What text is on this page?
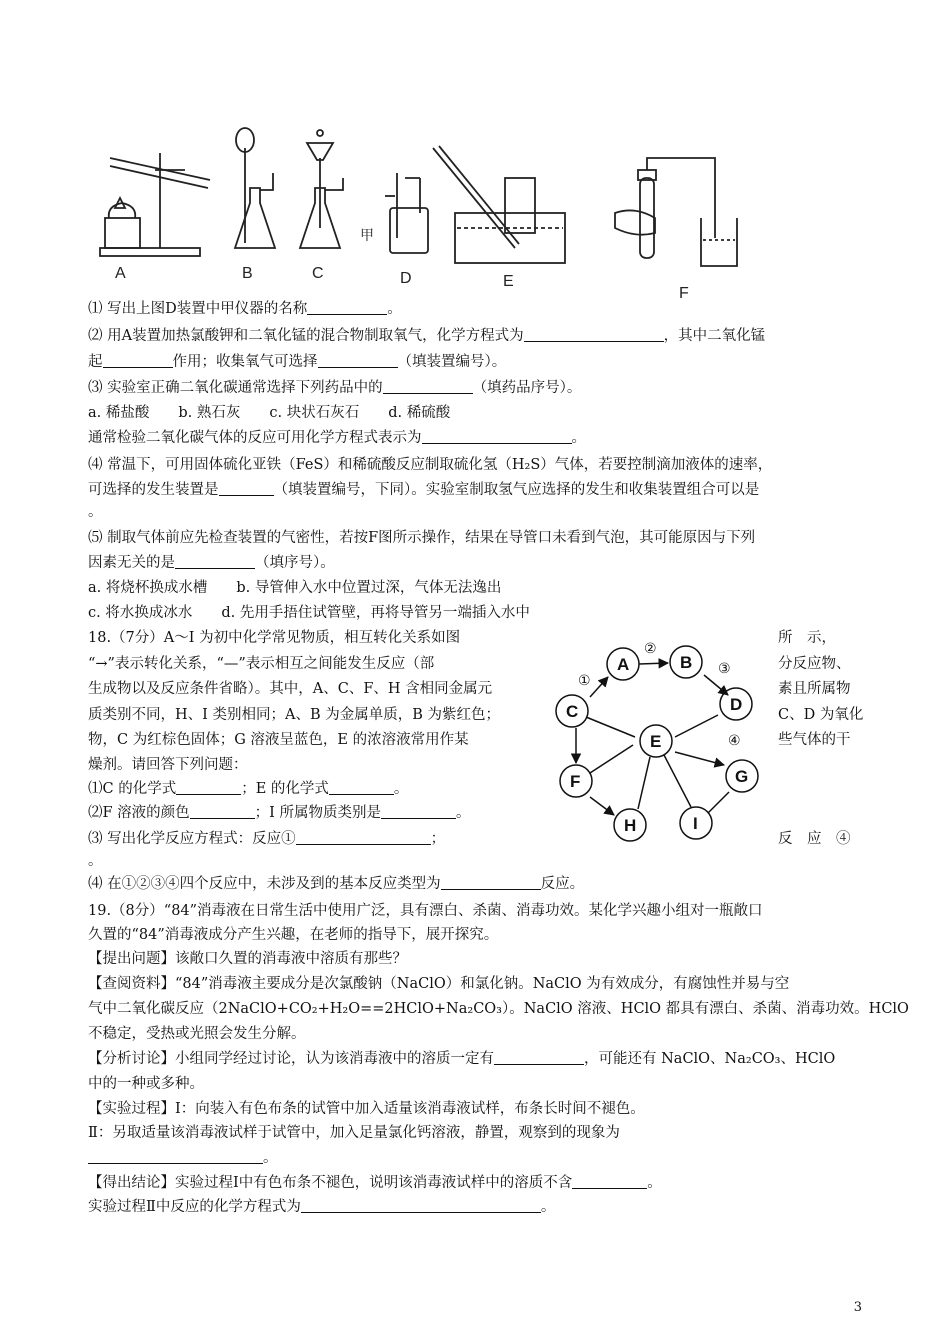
A	B	C
甲
D	E
F
⑴ 写出上图D装置中甲仪器的名称	。
⑵ 用A装置加热氯酸钾和二氧化锰的混合物制取氧气，化学方程式为	，其中二氧化锰
起	作用；收集氧气可选择	（填装置编号）。
⑶ 实验室正确二氧化碳通常选择下列药品中的	（填药品序号）。
a. 稀盐酸　　b. 熟石灰　　c. 块状石灰石　　d. 稀硫酸
通常检验二氧化碳气体的反应可用化学方程式表示为	。
⑷ 常温下，可用固体硫化亚铁（FeS）和稀硫酸反应制取硫化氢（H₂S）气体，若要控制滴加液体的速率，
可选择的发生装置是	（填装置编号，下同）。实验室制取氢气应选择的发生和收集装置组合可以是
。
⑸ 制取气体前应先检查装置的气密性，若按F图所示操作，结果在导管口未看到气泡，其可能原因与下列
因素无关的是	（填序号）。
a. 将烧杯换成水槽　　b. 导管伸入水中位置过深，气体无法逸出
c. 将水换成冰水　　d. 先用手捂住试管壁，再将导管另一端插入水中
18.（7分）A～I 为初中化学常见物质，相互转化关系如图	所　示，
“→”表示转化关系，“—”表示相互之间能发生反应（部	分反应物、
生成物以及反应条件省略）。其中，A、C、F、H 含相同金属元	素且所属物
质类别不同，H、I 类别相同；A、B 为金属单质，B 为紫红色；	C、D 为氧化
物，C 为红棕色固体；G 溶液呈蓝色，E 的浓溶液常用作某	些气体的干
燥剂。请回答下列问题：
⑴C 的化学式	；E 的化学式	。
⑵F 溶液的颜色	；I 所属物质类别是	。
⑶ 写出化学反应方程式：反应①	；	反　应　④
。
⑷ 在①②③④四个反应中，未涉及到的基本反应类型为	反应。
A	B
C	D
E
F	G
H	I
①
②
③
④
19.（8分）“84”消毒液在日常生活中使用广泛，具有漂白、杀菌、消毒功效。某化学兴趣小组对一瓶敞口
久置的“84”消毒液成分产生兴趣，在老师的指导下，展开探究。
【提出问题】该敞口久置的消毒液中溶质有那些？
【查阅资料】“84”消毒液主要成分是次氯酸钠（NaClO）和氯化钠。NaClO 为有效成分，有腐蚀性并易与空
气中二氧化碳反应（2NaClO+CO₂+H₂O==2HClO+Na₂CO₃）。NaClO 溶液、HClO 都具有漂白、杀菌、消毒功效。HClO
不稳定，受热或光照会发生分解。
【分析讨论】小组同学经过讨论，认为该消毒液中的溶质一定有	，可能还有 NaClO、Na₂CO₃、HClO
中的一种或多种。
【实验过程】Ⅰ：向装入有色布条的试管中加入适量该消毒液试样，布条长时间不褪色。
Ⅱ：另取适量该消毒液试样于试管中，加入足量氯化钙溶液，静置，观察到的现象为
。
【得出结论】实验过程Ⅰ中有色布条不褪色，说明该消毒液试样中的溶质不含	。
实验过程Ⅱ中反应的化学方程式为	。
3
